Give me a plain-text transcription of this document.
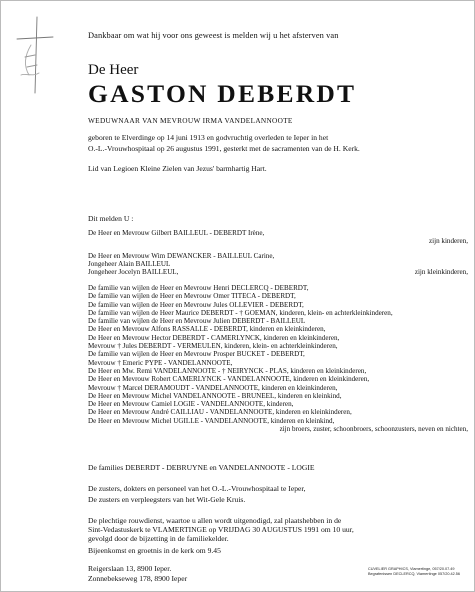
Dankbaar om wat hij voor ons geweest is melden wij u het afsterven van
De Heer
GASTON DEBERDT
WEDUWNAAR VAN MEVROUW IRMA VANDELANNOOTE
geboren te Elverdinge op 14 juni 1913 en godvruchtig overleden te Ieper in het
O.-L.-Vrouwhospitaal op 26 augustus 1991, gesterkt met de sacramenten van de H. Kerk.
Lid van Legioen Kleine Zielen van Jezus' barmhartig Hart.
Dit melden U :
De Heer en Mevrouw Gilbert BAILLEUL - DEBERDT Irène,
zijn kinderen,
De Heer en Mevrouw Wim DEWANCKER - BAILLEUL Carine,
Jongeheer Alain BAILLEUL
Jongeheer Jocelyn BAILLEUL,	zijn kleinkinderen,
De familie van wijlen de Heer en Mevrouw Henri DECLERCQ - DEBERDT,
De familie van wijlen de Heer en Mevrouw Omer TITECA - DEBERDT,
De familie van wijlen de Heer en Mevrouw Jules OLLEVIER - DEBERDT,
De familie van wijlen de Heer Maurice DEBERDT - † GOEMAN, kinderen, klein- en achterkleinkinderen,
De familie van wijlen de Heer en Mevrouw Julien DEBERDT - BAILLEUL
De Heer en Mevrouw Alfons RASSALLE - DEBERDT, kinderen en kleinkinderen,
De Heer en Mevrouw Hector DEBERDT - CAMERLYNCK, kinderen en kleinkinderen,
Mevrouw † Jules DEBERDT - VERMEULEN, kinderen, klein- en achterkleinkinderen,
De familie van wijlen de Heer en Mevrouw Prosper BUCKET - DEBERDT,
Mevrouw † Emeric PYPE - VANDELANNOOTE,
De Heer en Mw. Remi VANDELANNOOTE - † NEIRYNCK - PLAS, kinderen en kleinkinderen,
De Heer en Mevrouw Robert CAMERLYNCK - VANDELANNOOTE, kinderen en kleinkinderen,
Mevrouw † Marcel DERAMOUDT - VANDELANNOOTE, kinderen en kleinkinderen,
De Heer en Mevrouw Michel VANDELANNOOTE - BRUNEEL, kinderen en kleinkind,
De Heer en Mevrouw Camiel LOGIE - VANDELANNOOTE, kinderen,
De Heer en Mevrouw André CAILLIAU - VANDELANNOOTE, kinderen en kleinkinderen,
De Heer en Mevrouw Michel UGILLE - VANDELANNOOTE, kinderen en kleinkind,
zijn broers, zuster, schoonbroers, schoonzusters, neven en nichten,
De families DEBERDT - DEBRUYNE en VANDELANNOOTE - LOGIE
De zusters, dokters en personeel van het O.-L.-Vrouwhospitaal te Ieper,
De zusters en verpleegsters van het Wit-Gele Kruis.
De plechtige rouwdienst, waartoe u allen wordt uitgenodigd, zal plaatshebben in de
Sint-Vedastuskerk te VLAMERTINGE op VRIJDAG 30 AUGUSTUS 1991 om 10 uur,
gevolgd door de bijzetting in de familiekelder.
Bijeenkomst en groetnis in de kerk om 9.45
Reigerslaan 13, 8900 Ieper.
Zonnebekseweg 178, 8900 Ieper
CUVELIER GRAPHICS, Vlamertinge, 057/20.07.49
Begrafenissen DECLERCQ, Vlamertinge 057/20.42.56
